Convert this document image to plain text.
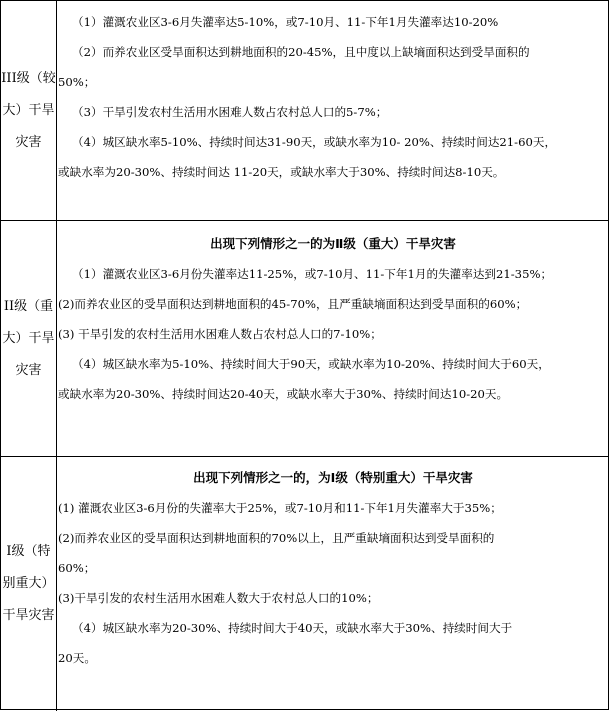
III级（较大）干旱灾害
（1）灌溉农业区3-6月失灌率达5-10%，或7-10月、11-下年1月失灌率达10-20%
（2）而养农业区受旱面积达到耕地面积的20-45%，且中度以上缺墒面积达到受旱面积的
50%；
（3）干旱引发农村生活用水困难人数占农村总人口的5-7%；
（4）城区缺水率5-10%、持续时间达31-90天，或缺水率为10- 20%、持续时间达21-60天，
或缺水率为20-30%、持续时间达 11-20天，或缺水率大于30%、持续时间达8-10天。
II级（重大）干旱灾害
出现下列情形之一的为Ⅱ级（重大）干旱灾害
（1）灌溉农业区3-6月份失灌率达11-25%，或7-10月、11-下年1月的失灌率达到21-35%；
(2)而养农业区的受旱面积达到耕地面积的45-70%，且严重缺墒面积达到受旱面积的60%；
(3) 干旱引发的农村生活用水困难人数占农村总人口的7-10%；
（4）城区缺水率为5-10%、持续时间大于90天，或缺水率为10-20%、持续时间大于60天，
或缺水率为20-30%、持续时间达20-40天，或缺水率大于30%、持续时间达10-20天。
I级（特别重大）干旱灾害
出现下列情形之一的，为I级（特别重大）干旱灾害
(1) 灌溉农业区3-6月份的失灌率大于25%，或7-10月和11-下年1月失灌率大于35%；
(2)而养农业区的受旱面积达到耕地面积的70%以上，且严重缺墒面积达到受旱面积的
60%；
(3)干旱引发的农村生活用水困难人数大于农村总人口的10%；
（4）城区缺水率为20-30%、持续时间大于40天，或缺水率大于30%、持续时间大于
20天。
